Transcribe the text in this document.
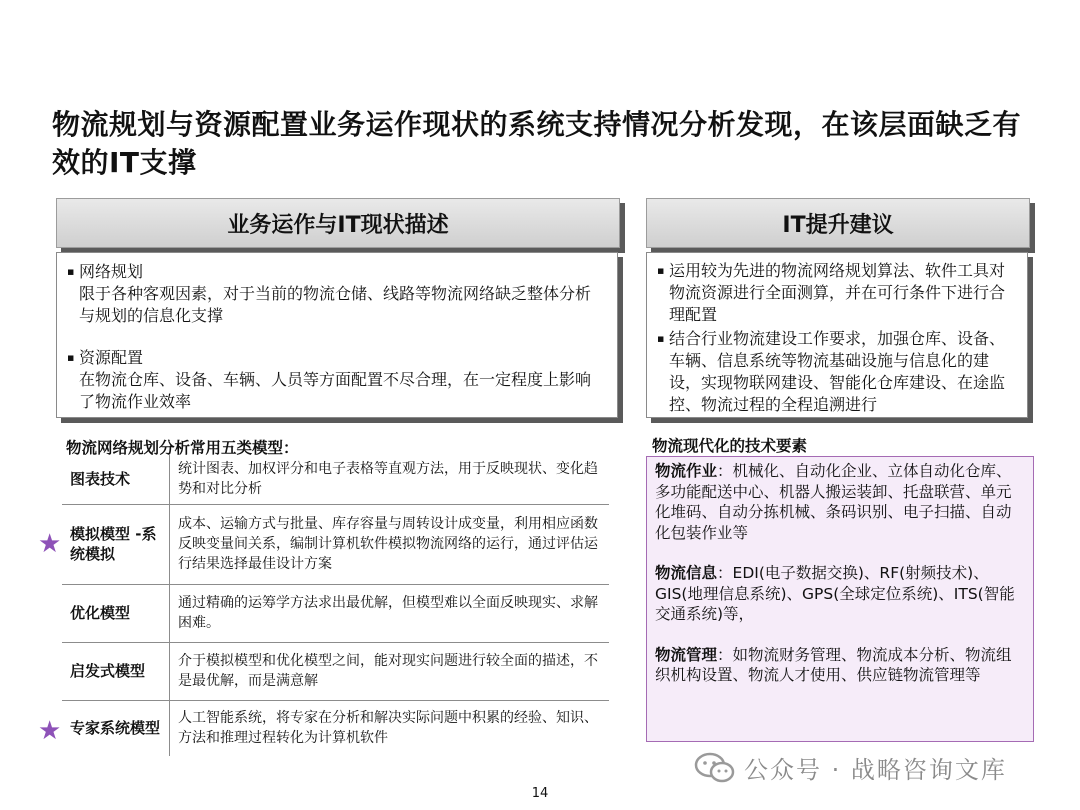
物流规划与资源配置业务运作现状的系统支持情况分析发现，在该层面缺乏有效的IT支撑
业务运作与IT现状描述
▪ 网络规划
限于各种客观因素，对于当前的物流仓储、线路等物流网络缺乏整体分析与规划的信息化支撑
▪ 资源配置
在物流仓库、设备、车辆、人员等方面配置不尽合理，在一定程度上影响了物流作业效率
IT提升建议
▪ 运用较为先进的物流网络规划算法、软件工具对物流资源进行全面测算，并在可行条件下进行合理配置
▪ 结合行业物流建设工作要求，加强仓库、设备、车辆、信息系统等物流基础设施与信息化的建设，实现物联网建设、智能化仓库建设、在途监控、物流过程的全程追溯进行
物流网络规划分析常用五类模型：
图表技术	统计图表、加权评分和电子表格等直观方法，用于反映现状、变化趋势和对比分析
模拟模型 -系统模拟	成本、运输方式与批量、库存容量与周转设计成变量，利用相应函数反映变量间关系，编制计算机软件模拟物流网络的运行，通过评估运行结果选择最佳设计方案
优化模型	通过精确的运筹学方法求出最优解，但模型难以全面反映现实、求解困难。
启发式模型	介于模拟模型和优化模型之间，能对现实问题进行较全面的描述，不是最优解，而是满意解
专家系统模型	人工智能系统，将专家在分析和解决实际问题中积累的经验、知识、方法和推理过程转化为计算机软件
★
★
物流现代化的技术要素

物流作业：机械化、自动化企业、立体自动化仓库、多功能配送中心、机器人搬运装卸、托盘联营、单元化堆码、自动分拣机械、条码识别、电子扫描、自动化包装作业等

物流信息：EDI(电子数据交换)、RF(射频技术)、GIS(地理信息系统)、GPS(全球定位系统)、ITS(智能交通系统)等，

物流管理：如物流财务管理、物流成本分析、物流组织机构设置、物流人才使用、供应链物流管理等

公众号 · 战略咨询文库
14
